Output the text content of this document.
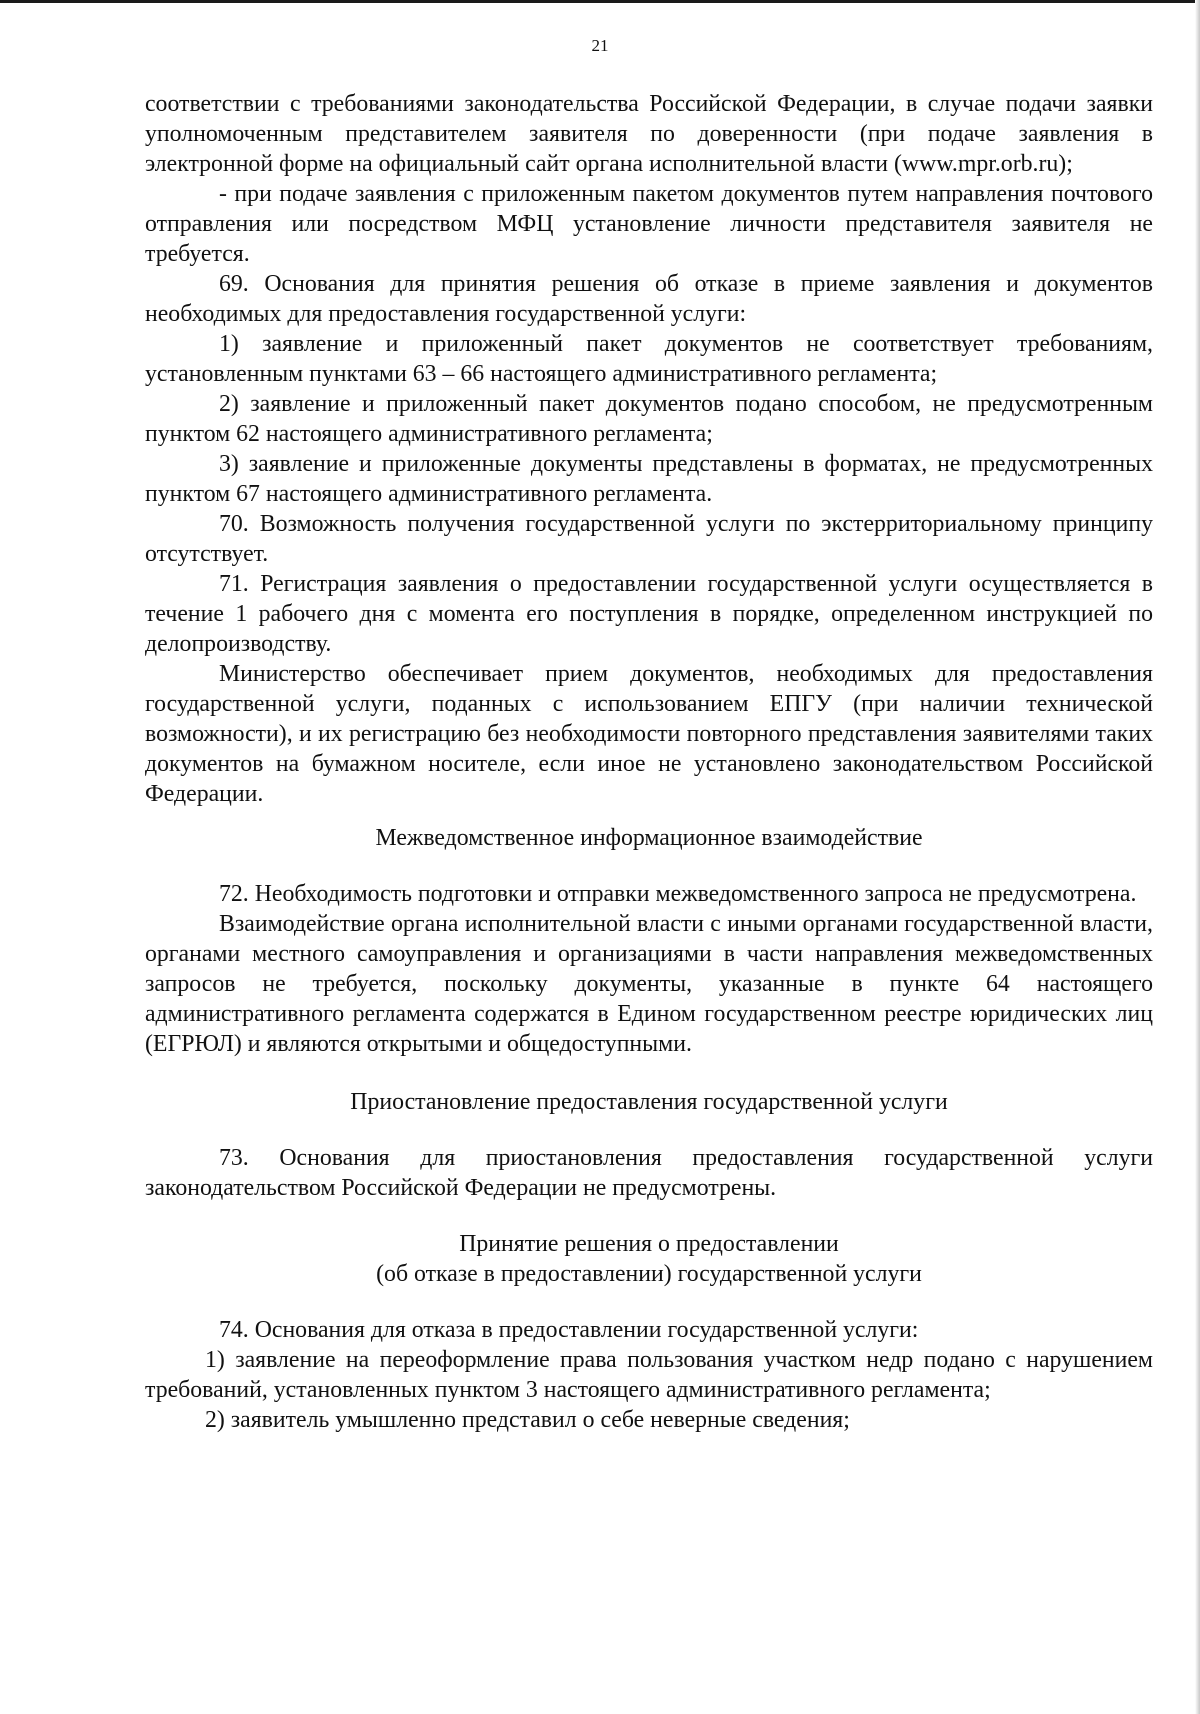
21

соответствии с требованиями законодательства Российской Федерации, в случае подачи заявки уполномоченным представителем заявителя по доверенности (при подаче заявления в электронной форме на официальный сайт органа исполнительной власти (www.mpr.orb.ru);

- при подаче заявления с приложенным пакетом документов путем направления почтового отправления или посредством МФЦ установление личности представителя заявителя не требуется.

69. Основания для принятия решения об отказе в приеме заявления и документов необходимых для предоставления государственной услуги:

1) заявление и приложенный пакет документов не соответствует требованиям, установленным пунктами 63 – 66 настоящего административного регламента;

2) заявление и приложенный пакет документов подано способом, не предусмотренным пунктом 62 настоящего административного регламента;

3) заявление и приложенные документы представлены в форматах, не предусмотренных пунктом 67 настоящего административного регламента.

70. Возможность получения государственной услуги по экстерриториальному принципу отсутствует.

71. Регистрация заявления о предоставлении государственной услуги осуществляется в течение 1 рабочего дня с момента его поступления в порядке, определенном инструкцией по делопроизводству.

Министерство обеспечивает прием документов, необходимых для предоставления государственной услуги, поданных с использованием ЕПГУ (при наличии технической возможности), и их регистрацию без необходимости повторного представления заявителями таких документов на бумажном носителе, если иное не установлено законодательством Российской Федерации.

Межведомственное информационное взаимодействие

72. Необходимость подготовки и отправки межведомственного запроса не предусмотрена.

Взаимодействие органа исполнительной власти с иными органами государственной власти, органами местного самоуправления и организациями в части направления межведомственных запросов не требуется, поскольку документы, указанные в пункте 64 настоящего административного регламента содержатся в Едином государственном реестре юридических лиц (ЕГРЮЛ) и являются открытыми и общедоступными.

Приостановление предоставления государственной услуги

73. Основания для приостановления предоставления государственной услуги законодательством Российской Федерации не предусмотрены.

Принятие решения о предоставлении
(об отказе в предоставлении) государственной услуги

74. Основания для отказа в предоставлении государственной услуги:

1) заявление на переоформление права пользования участком недр подано с нарушением требований, установленных пунктом 3 настоящего административного регламента;

2) заявитель умышленно представил о себе неверные сведения;
